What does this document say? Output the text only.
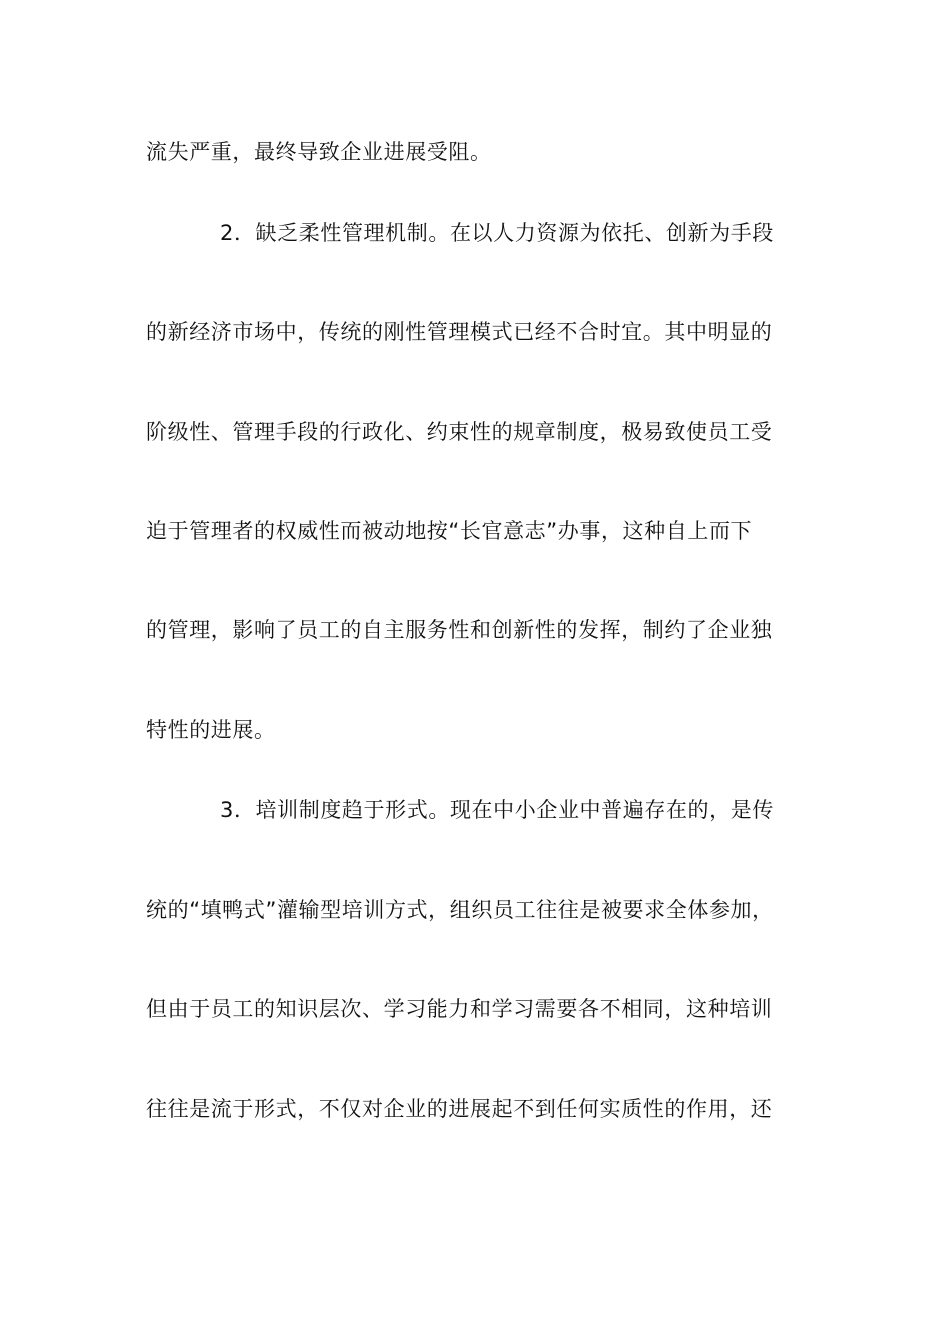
流失严重，最终导致企业进展受阻。
2．缺乏柔性管理机制。在以人力资源为依托、创新为手段
的新经济市场中，传统的刚性管理模式已经不合时宜。其中明显的
阶级性、管理手段的行政化、约束性的规章制度，极易致使员工受
迫于管理者的权威性而被动地按“长官意志”办事，这种自上而下
的管理，影响了员工的自主服务性和创新性的发挥，制约了企业独
特性的进展。
3．培训制度趋于形式。现在中小企业中普遍存在的，是传
统的“填鸭式”灌输型培训方式，组织员工往往是被要求全体参加，
但由于员工的知识层次、学习能力和学习需要各不相同，这种培训
往往是流于形式，不仅对企业的进展起不到任何实质性的作用，还
